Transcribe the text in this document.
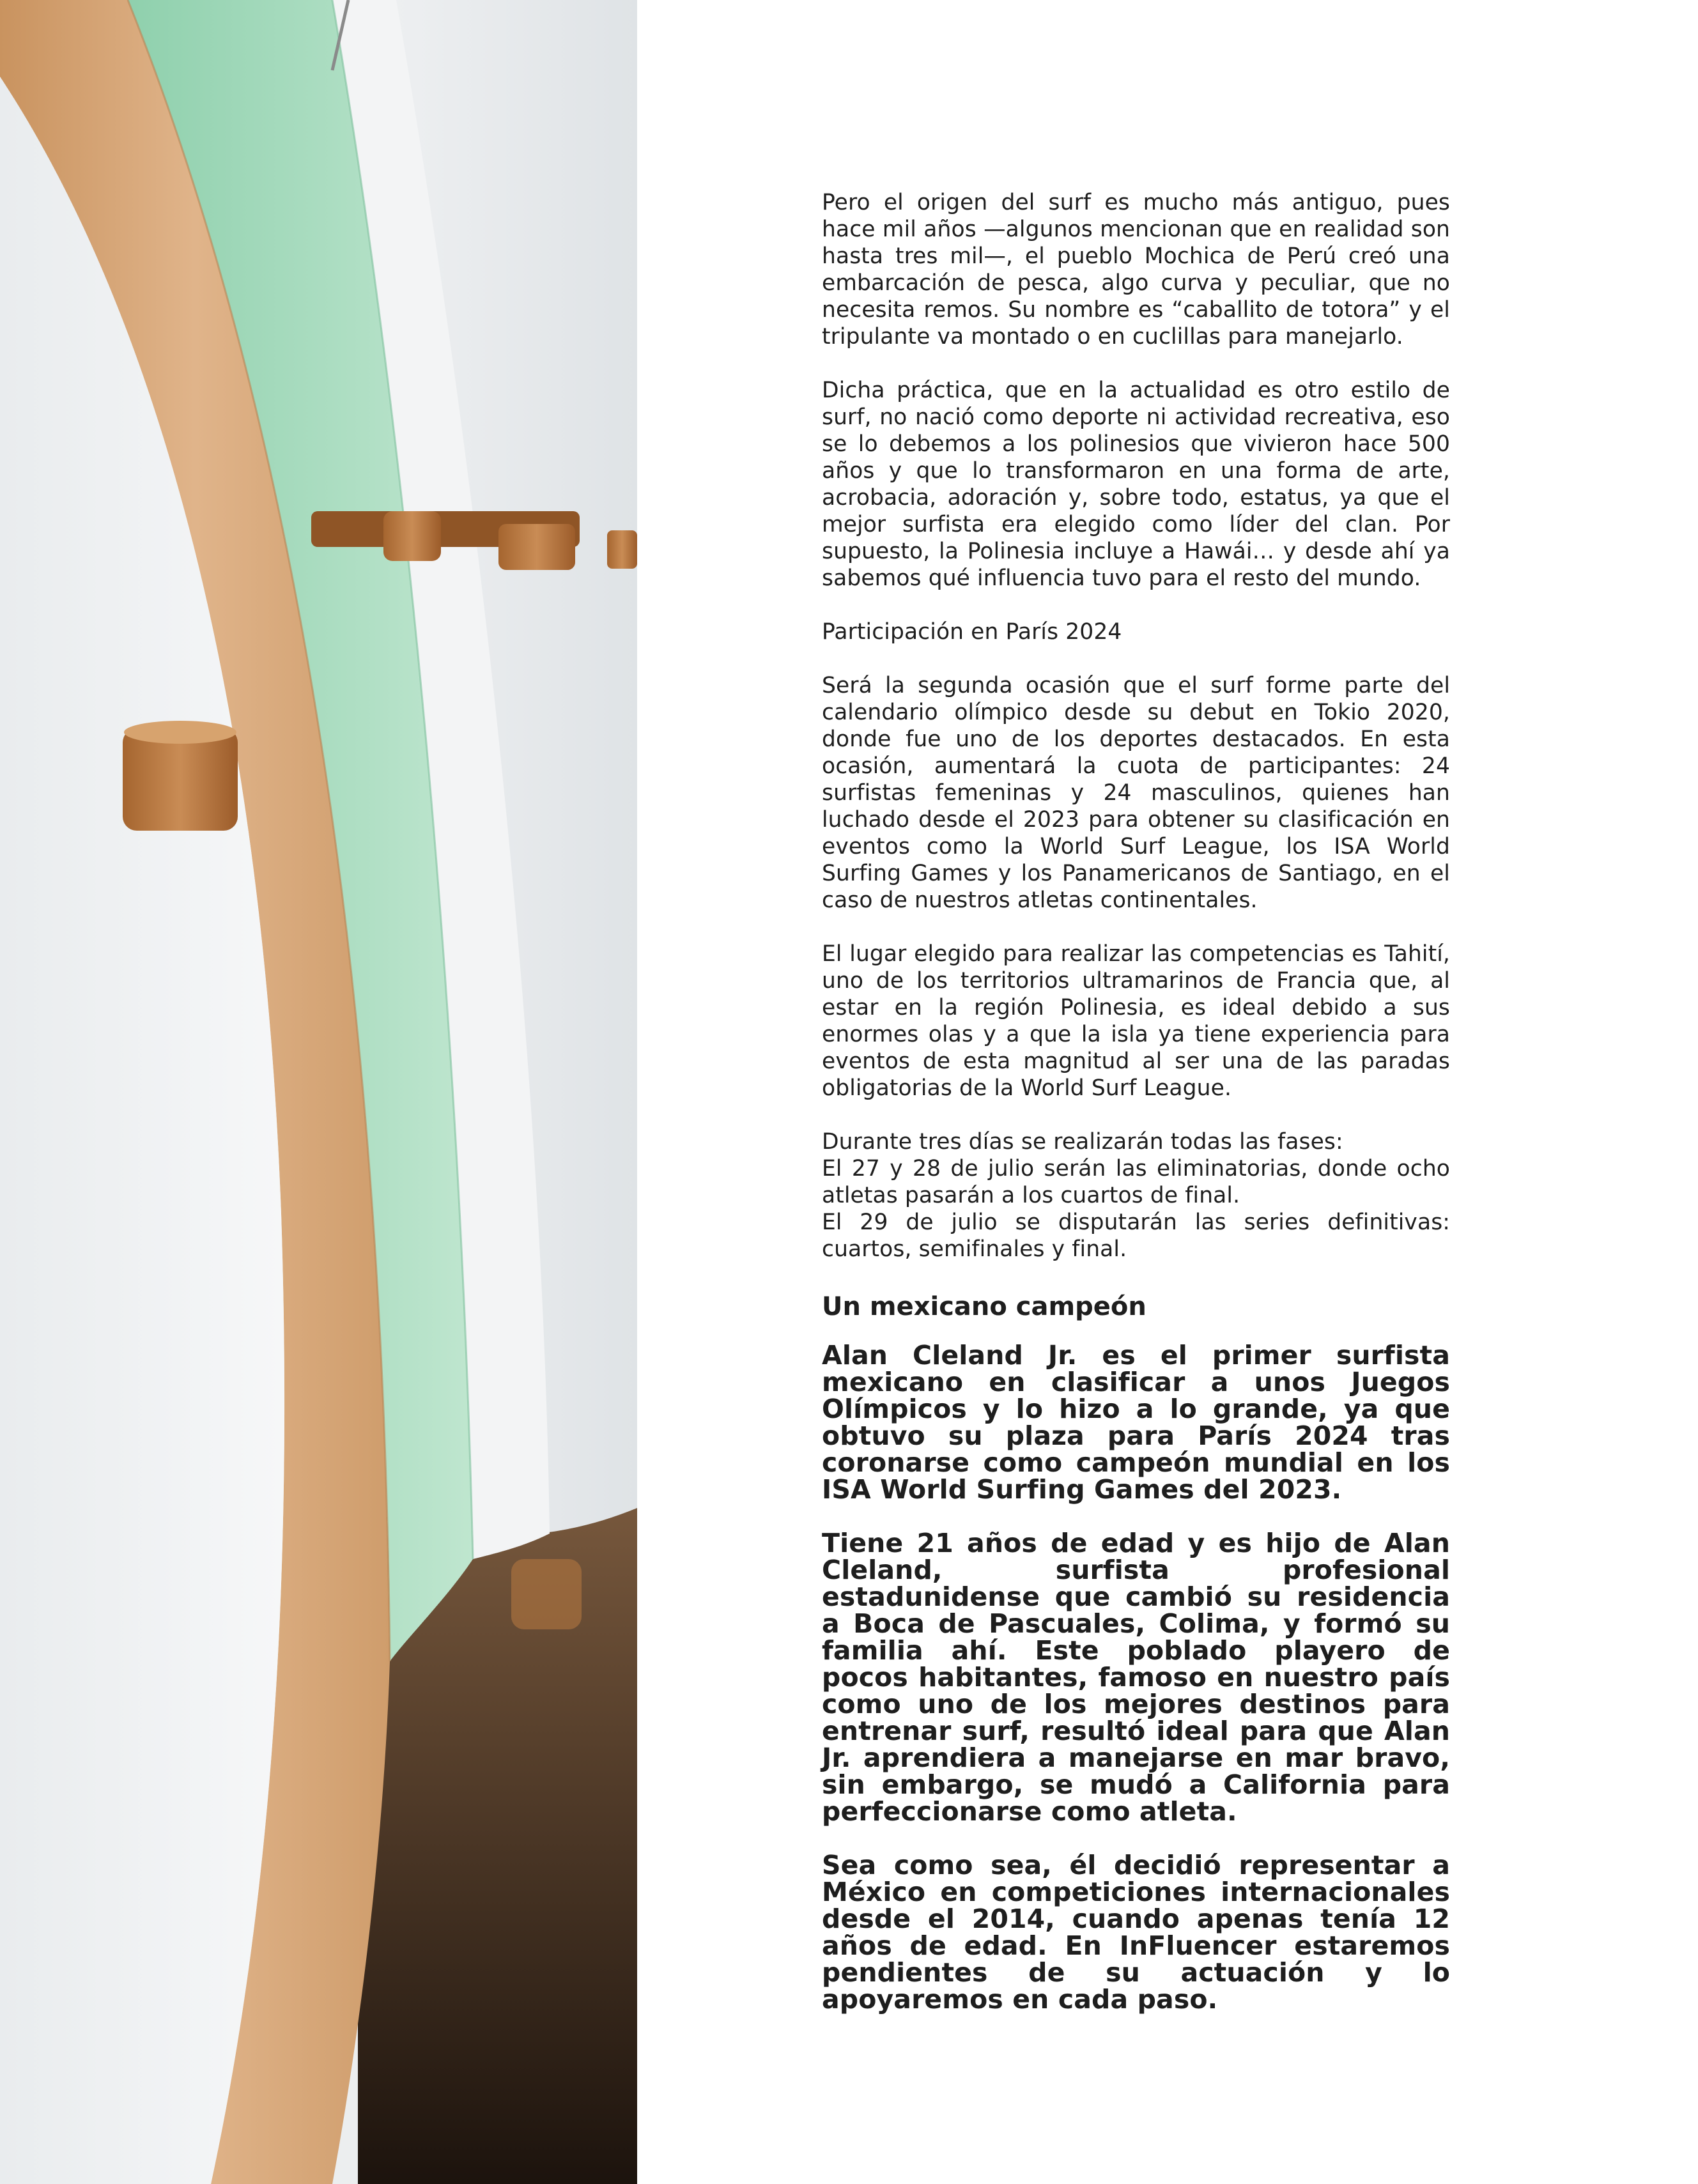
Pero el origen del surf es mucho más antiguo, pues hace mil años —algunos mencionan que en realidad son hasta tres mil—, el pueblo Mochica de Perú creó una embarcación de pesca, algo curva y peculiar, que no necesita remos. Su nombre es “caballito de totora” y el tripulante va montado o en cuclillas para manejarlo.

Dicha práctica, que en la actualidad es otro estilo de surf, no nació como deporte ni actividad recreativa, eso se lo debemos a los polinesios que vivieron hace 500 años y que lo transformaron en una forma de arte, acrobacia, adoración y, sobre todo, estatus, ya que el mejor surfista era elegido como líder del clan. Por supuesto, la Polinesia incluye a Hawái… y desde ahí ya sabemos qué influencia tuvo para el resto del mundo.

Participación en París 2024

Será la segunda ocasión que el surf forme parte del calendario olímpico desde su debut en Tokio 2020, donde fue uno de los deportes destacados. En esta ocasión, aumentará la cuota de participantes: 24 surfistas femeninas y 24 masculinos, quienes han luchado desde el 2023 para obtener su clasificación en eventos como la World Surf League, los ISA World Surfing Games y los Panamericanos de Santiago, en el caso de nuestros atletas continentales.

El lugar elegido para realizar las competencias es Tahití, uno de los territorios ultramarinos de Francia que, al estar en la región Polinesia, es ideal debido a sus enormes olas y a que la isla ya tiene experiencia para eventos de esta magnitud al ser una de las paradas obligatorias de la World Surf League.

Durante tres días se realizarán todas las fases:

El 27 y 28 de julio serán las eliminatorias, donde ocho atletas pasarán a los cuartos de final.

El 29 de julio se disputarán las series definitivas: cuartos, semifinales y final.

Un mexicano campeón

Alan Cleland Jr. es el primer surfista mexicano en clasificar a unos Juegos Olímpicos y lo hizo a lo grande, ya que obtuvo su plaza para París 2024 tras coronarse como campeón mundial en los ISA World Surfing Games del 2023.

Tiene 21 años de edad y es hijo de Alan Cleland, surfista profesional estadunidense que cambió su residencia a Boca de Pascuales, Colima, y formó su familia ahí. Este poblado playero de pocos habitantes, famoso en nuestro país como uno de los mejores destinos para entrenar surf, resultó ideal para que Alan Jr. aprendiera a manejarse en mar bravo, sin embargo, se mudó a California para perfeccionarse como atleta.

Sea como sea, él decidió representar a México en competiciones internacionales desde el 2014, cuando apenas tenía 12 años de edad. En InFluencer estaremos pendientes de su actuación y lo apoyaremos en cada paso.
